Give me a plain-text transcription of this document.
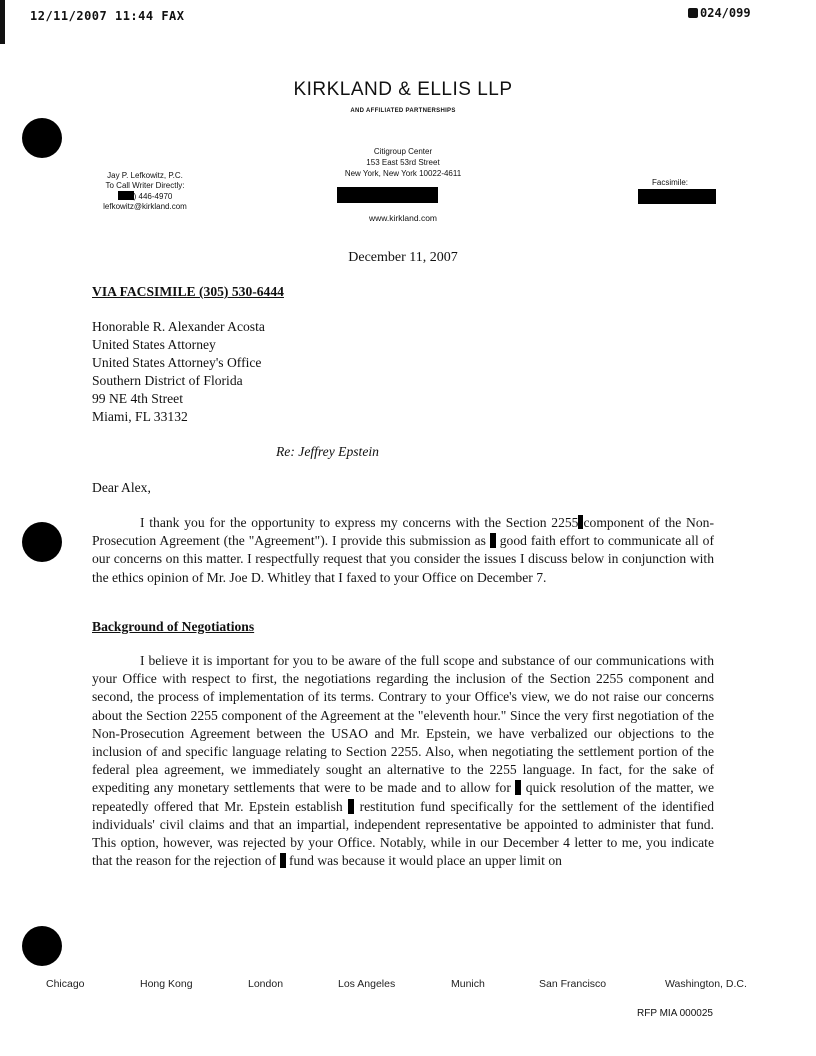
12/11/2007 11:44 FAX	024/099
KIRKLAND & ELLIS LLP
AND AFFILIATED PARTNERSHIPS
Jay P. Lefkowitz, P.C.
To Call Writer Directly:
) 446-4970
lefkowitz@kirkland.com
Citigroup Center
153 East 53rd Street
New York, New York 10022-4611
www.kirkland.com
Facsimile:
December 11, 2007
VIA FACSIMILE (305) 530-6444
Honorable R. Alexander Acosta
United States Attorney
United States Attorney's Office
Southern District of Florida
99 NE 4th Street
Miami, FL 33132
Re: Jeffrey Epstein
Dear Alex,

I thank you for the opportunity to express my concerns with the Section 2255 component of the Non-Prosecution Agreement (the "Agreement"). I provide this submission as good faith effort to communicate all of our concerns on this matter. I respectfully request that you consider the issues I discuss below in conjunction with the ethics opinion of Mr. Joe D. Whitley that I faxed to your Office on December 7.

Background of Negotiations

I believe it is important for you to be aware of the full scope and substance of our communications with your Office with respect to first, the negotiations regarding the inclusion of the Section 2255 component and second, the process of implementation of its terms. Contrary to your Office's view, we do not raise our concerns about the Section 2255 component of the Agreement at the "eleventh hour." Since the very first negotiation of the Non-Prosecution Agreement between the USAO and Mr. Epstein, we have verbalized our objections to the inclusion of and specific language relating to Section 2255. Also, when negotiating the settlement portion of the federal plea agreement, we immediately sought an alternative to the 2255 language. In fact, for the sake of expediting any monetary settlements that were to be made and to allow for quick resolution of the matter, we repeatedly offered that Mr. Epstein establish restitution fund specifically for the settlement of the identified individuals' civil claims and that an impartial, independent representative be appointed to administer that fund. This option, however, was rejected by your Office. Notably, while in our December 4 letter to me, you indicate that the reason for the rejection of fund was because it would place an upper limit on

Chicago	Hong Kong	London	Los Angeles	Munich	San Francisco	Washington, D.C.
RFP MIA 000025
